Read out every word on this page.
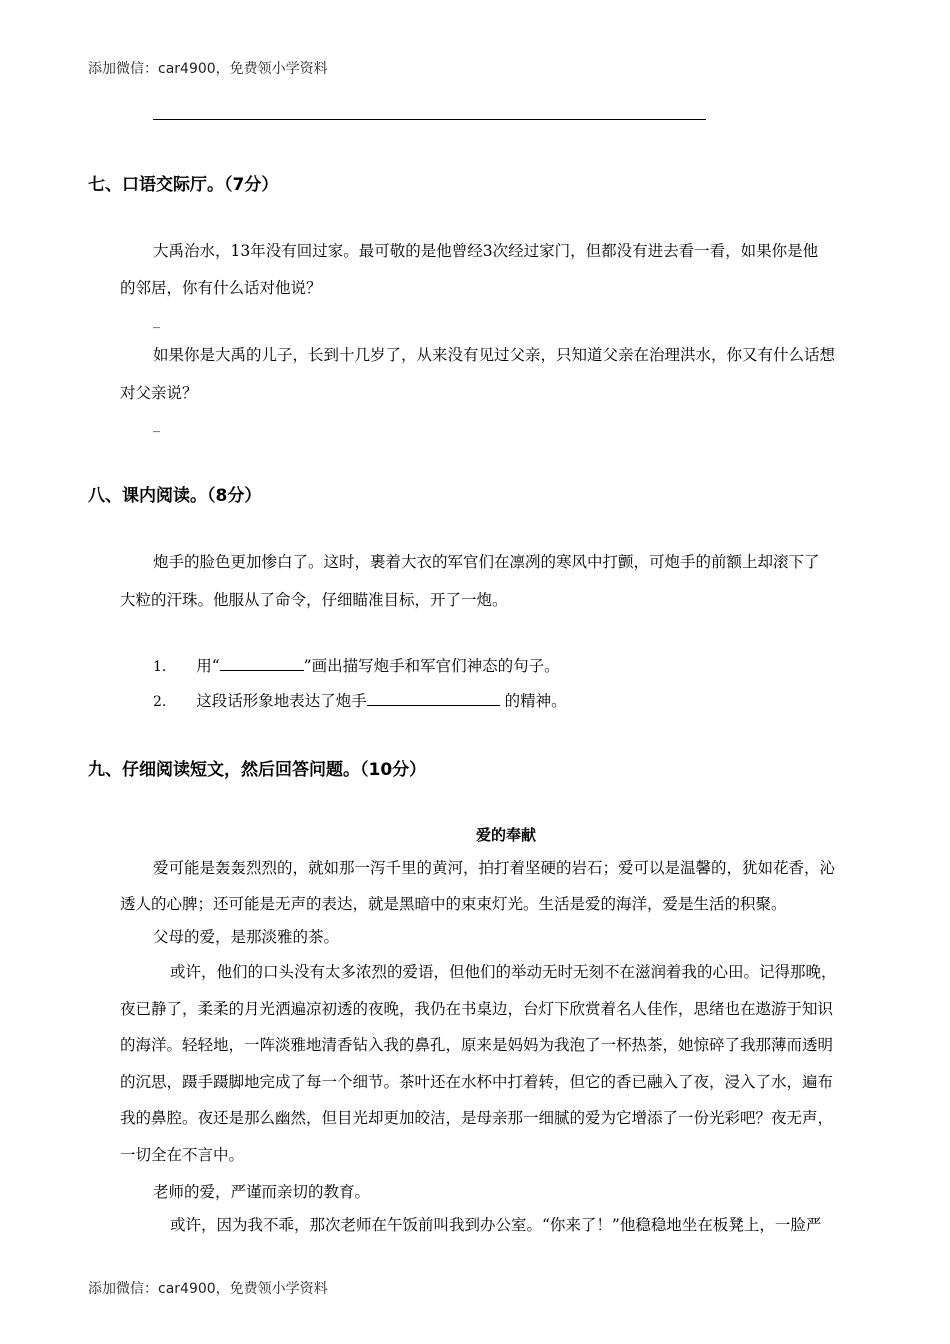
添加微信：car4900，免费领小学资料
七、口语交际厅。（7分）
大禹治水，13年没有回过家。最可敬的是他曾经3次经过家门，但都没有进去看一看，如果你是他
的邻居，你有什么话对他说？
_
如果你是大禹的儿子，长到十几岁了，从来没有见过父亲，只知道父亲在治理洪水，你又有什么话想
对父亲说？
_
八、课内阅读。（8分）
炮手的脸色更加惨白了。这时，裹着大衣的军官们在凛冽的寒风中打颤，可炮手的前额上却滚下了
大粒的汗珠。他服从了命令，仔细瞄准目标，开了一炮。
1. 用“	”画出描写炮手和军官们神态的句子。
2. 这段话形象地表达了炮手	的精神。
九、仔细阅读短文，然后回答问题。（10分）
爱的奉献
爱可能是轰轰烈烈的，就如那一泻千里的黄河，拍打着坚硬的岩石；爱可以是温馨的，犹如花香，沁
透人的心脾；还可能是无声的表达，就是黑暗中的束束灯光。生活是爱的海洋，爱是生活的积聚。
父母的爱，是那淡雅的茶。
或许，他们的口头没有太多浓烈的爱语，但他们的举动无时无刻不在滋润着我的心田。记得那晚，
夜已静了，柔柔的月光洒遍凉初透的夜晚，我仍在书桌边，台灯下欣赏着名人佳作，思绪也在遨游于知识
的海洋。轻轻地，一阵淡雅地清香钻入我的鼻孔，原来是妈妈为我泡了一杯热茶，她惊碎了我那薄而透明
的沉思，蹑手蹑脚地完成了每一个细节。茶叶还在水杯中打着转，但它的香已融入了夜，浸入了水，遍布
我的鼻腔。夜还是那么幽然，但目光却更加皎洁，是母亲那一细腻的爱为它增添了一份光彩吧？夜无声，
一切全在不言中。
老师的爱，严谨而亲切的教育。
或许，因为我不乖，那次老师在午饭前叫我到办公室。“你来了！”他稳稳地坐在板凳上，一脸严
添加微信：car4900，免费领小学资料
